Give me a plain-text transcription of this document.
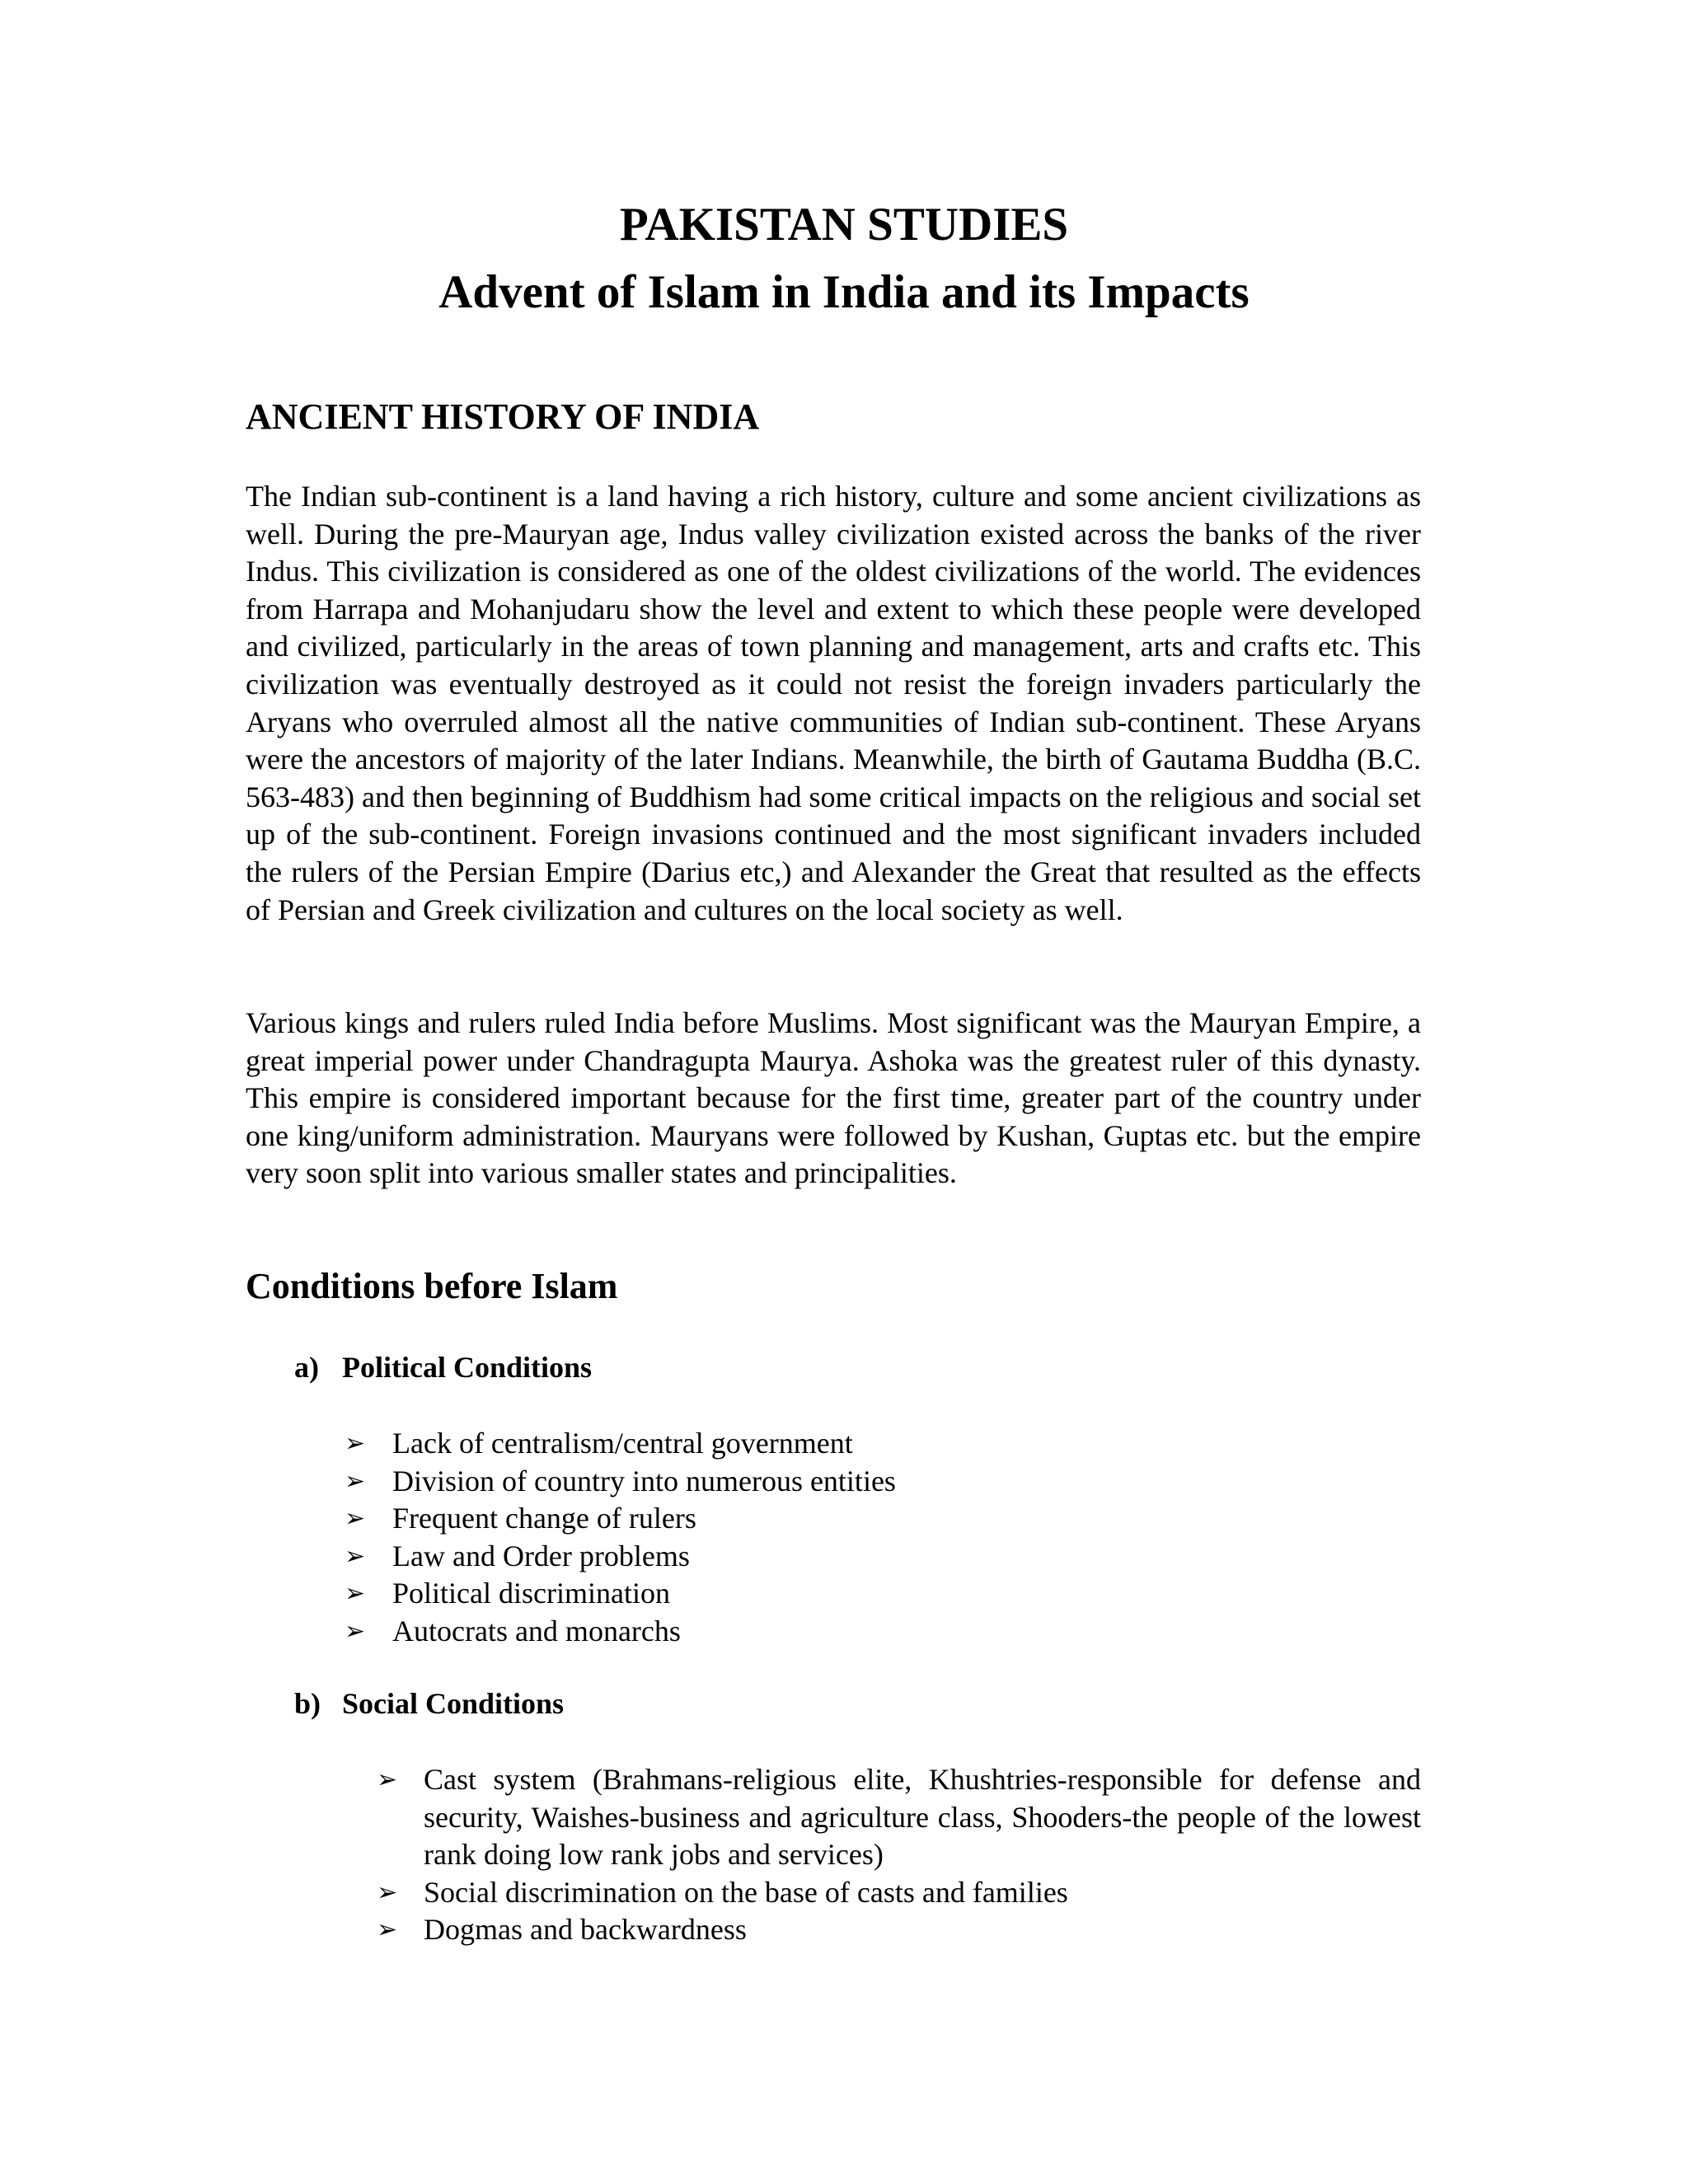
PAKISTAN STUDIES

Advent of Islam in India and its Impacts

ANCIENT HISTORY OF INDIA

The Indian sub-continent is a land having a rich history, culture and some ancient civilizations as well. During the pre-Mauryan age, Indus valley civilization existed across the banks of the river Indus. This civilization is considered as one of the oldest civilizations of the world. The evidences from Harrapa and Mohanjudaru show the level and extent to which these people were developed and civilized, particularly in the areas of town planning and management, arts and crafts etc. This civilization was eventually destroyed as it could not resist the foreign invaders particularly the Aryans who overruled almost all the native communities of Indian sub-continent. These Aryans were the ancestors of majority of the later Indians. Meanwhile, the birth of Gautama Buddha (B.C. 563-483) and then beginning of Buddhism had some critical impacts on the religious and social set up of the sub-continent. Foreign invasions continued and the most significant invaders included the rulers of the Persian Empire (Darius etc,) and Alexander the Great that resulted as the effects of Persian and Greek civilization and cultures on the local society as well.

Various kings and rulers ruled India before Muslims. Most significant was the Mauryan Empire, a great imperial power under Chandragupta Maurya. Ashoka was the greatest ruler of this dynasty. This empire is considered important because for the first time, greater part of the country under one king/uniform administration. Mauryans were followed by Kushan, Guptas etc. but the empire very soon split into various smaller states and principalities.

Conditions before Islam
a) Political Conditions
➢ Lack of centralism/central government
➢ Division of country into numerous entities
➢ Frequent change of rulers
➢ Law and Order problems
➢ Political discrimination
➢ Autocrats and monarchs
b) Social Conditions
➢ Cast system (Brahmans-religious elite, Khushtries-responsible for defense and security, Waishes-business and agriculture class, Shooders-the people of the lowest rank doing low rank jobs and services)
➢ Social discrimination on the base of casts and families
➢ Dogmas and backwardness
